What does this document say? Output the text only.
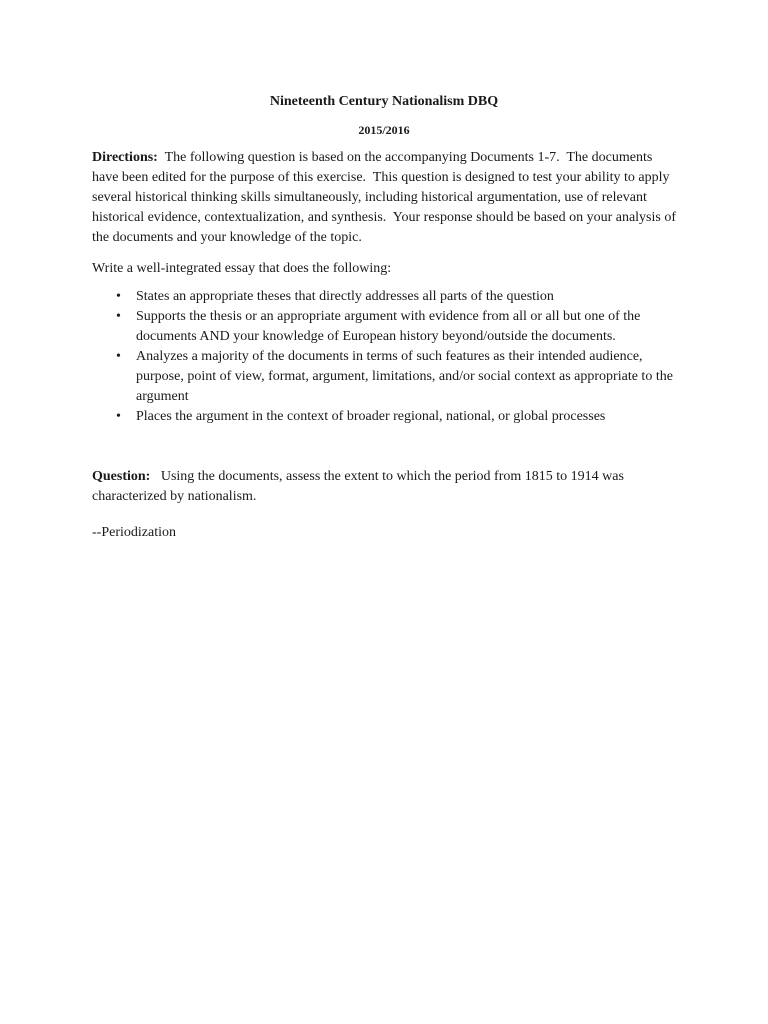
Nineteenth Century Nationalism DBQ

2015/2016

Directions:  The following question is based on the accompanying Documents 1-7.  The documents have been edited for the purpose of this exercise.  This question is designed to test your ability to apply several historical thinking skills simultaneously, including historical argumentation, use of relevant historical evidence, contextualization, and synthesis.  Your response should be based on your analysis of the documents and your knowledge of the topic.

Write a well-integrated essay that does the following:

• States an appropriate theses that directly addresses all parts of the question
• Supports the thesis or an appropriate argument with evidence from all or all but one of the documents AND your knowledge of European history beyond/outside the documents.
• Analyzes a majority of the documents in terms of such features as their intended audience, purpose, point of view, format, argument, limitations, and/or social context as appropriate to the argument
• Places the argument in the context of broader regional, national, or global processes

Question:   Using the documents, assess the extent to which the period from 1815 to 1914 was characterized by nationalism.

--Periodization
